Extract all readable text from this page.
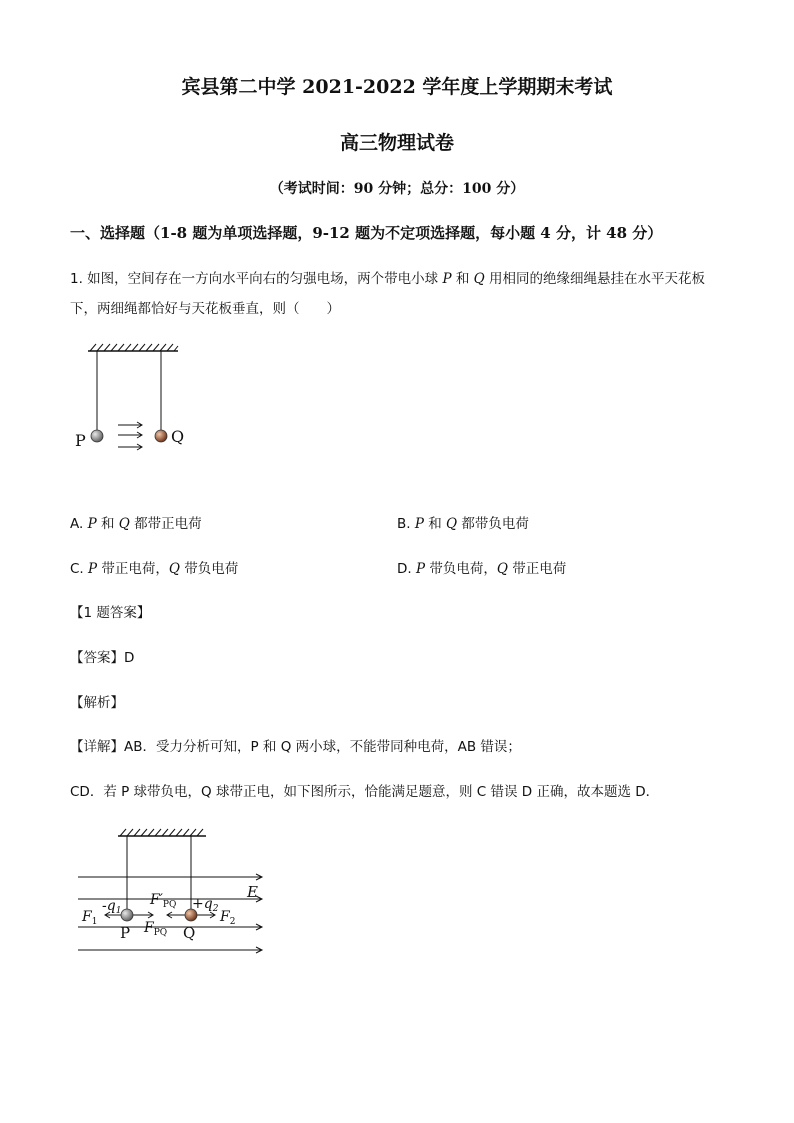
宾县第二中学 2021-2022 学年度上学期期末考试
高三物理试卷
（考试时间：90 分钟；总分：100 分）
一、选择题（1-8 题为单项选择题，9-12 题为不定项选择题，每小题 4 分，计 48 分）
1. 如图，空间存在一方向水平向右的匀强电场，两个带电小球 P 和 Q 用相同的绝缘细绳悬挂在水平天花板
下，两细绳都恰好与天花板垂直，则（　　）
P	Q
A. P 和 Q 都带正电荷	B. P 和 Q 都带负电荷
C. P 带正电荷，Q 带负电荷	D. P 带负电荷，Q 带正电荷
【1 题答案】
【答案】D
【解析】
【详解】AB．受力分析可知，P 和 Q 两小球，不能带同种电荷，AB 错误；
CD．若 P 球带负电，Q 球带正电，如下图所示，恰能满足题意，则 C 错误 D 正确，故本题选 D．
$-q_1$	$+q_2$
$F'_{PQ}$
E
$F_1$	$F_2$
$F_{PQ}$
P	Q
